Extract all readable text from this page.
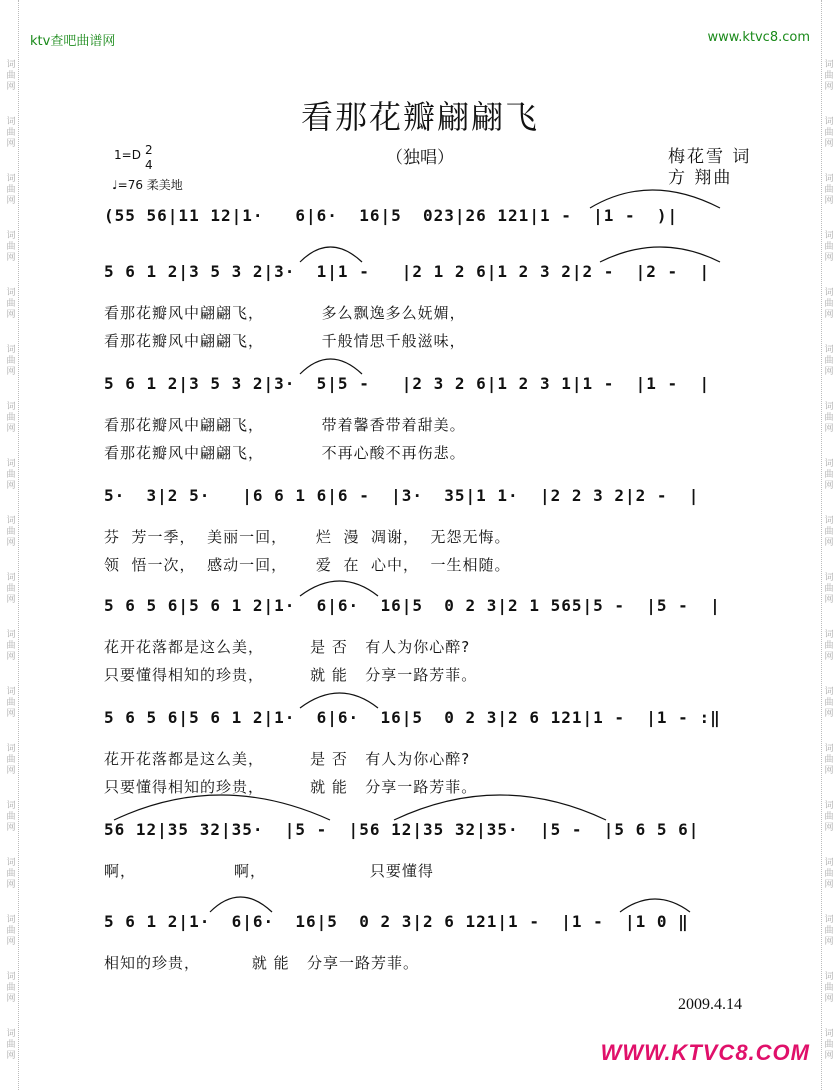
ktv查吧曲谱网	www.ktvc8.com
词
曲
网
词
曲
网
词
曲
网
词
曲
网
词
曲
网
词
曲
网
词
曲
网
词
曲
网
词
曲
网
词
曲
网
词
曲
网
词
曲
网
词
曲
网
词
曲
网
词
曲
网
词
曲
网
词
曲
网
词
曲
网
词
曲
网
词
曲
网
词
曲
网
词
曲
网
词
曲
网
词
曲
网
词
曲
网
词
曲
网
词
曲
网
词
曲
网
词
曲
网
词
曲
网
词
曲
网
词
曲
网
词
曲
网
词
曲
网
词
曲
网
词
曲
网
看那花瓣翩翩飞
（独唱）
1=D 2
4
♩=76 柔美地
梅花雪 词
方 翔曲
(55 56|11 12|1·   6|6·  16|5  023|26 121|1 -  |1 -  )|
5 6 1 2|3 5 3 2|3·  1|1 -   |2 1 2 6|1 2 3 2|2 -  |2 -  |
看那花瓣风中翩翩飞，          多么飘逸多么妩媚，
看那花瓣风中翩翩飞，          千般情思千般滋味，
5 6 1 2|3 5 3 2|3·  5|5 -   |2 3 2 6|1 2 3 1|1 -  |1 -  |
看那花瓣风中翩翩飞，          带着馨香带着甜美。
看那花瓣风中翩翩飞，          不再心酸不再伤悲。
5·  3|2 5·   |6 6 1 6|6 -  |3·  35|1 1·  |2 2 3 2|2 -  |
芬  芳一季，  美丽一回，     烂  漫  凋谢，  无怨无悔。
领  悟一次，  感动一回，     爱  在  心中，  一生相随。
5 6 5 6|5 6 1 2|1·  6|6·  16|5  0 2 3|2 1 565|5 -  |5 -  |
花开花落都是这么美，        是 否   有人为你心醉?
只要懂得相知的珍贵，        就 能   分享一路芳菲。
5 6 5 6|5 6 1 2|1·  6|6·  16|5  0 2 3|2 6 121|1 -  |1 - :‖
花开花落都是这么美，        是 否   有人为你心醉?
只要懂得相知的珍贵，        就 能   分享一路芳菲。
56 12|35 32|35·  |5 -  |56 12|35 32|35·  |5 -  |5 6 5 6|
啊，                 啊，                  只要懂得
5 6 1 2|1·  6|6·  16|5  0 2 3|2 6 121|1 -  |1 -  |1 0 ‖
相知的珍贵，         就 能   分享一路芳菲。
2009.4.14
WWW.KTVC8.COM
